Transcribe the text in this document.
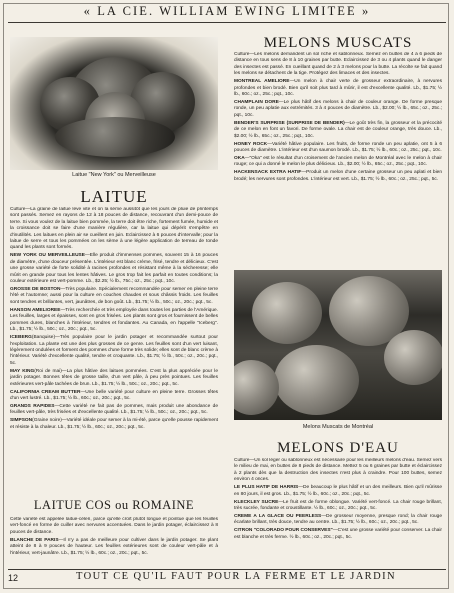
« LA CIE. WILLIAM EWING LIMITEE »
Laitue "New York" ou Merveilleuse
LAITUE

Culture—La graine de laitue lève vite et on la sème aussitôt que les jours de pluie de printemps sont passés. Semez en rayons de 12 à 18 pouces de distance, recouvrant d'un demi-pouce de terre. Si vous voulez de la laitue bien pommée, la terre doit être riche, fortement fumée, humide et la croissance doit se faire d'une manière régulière, car la laitue qui dépérit s'empêtre en d'inutilités. Les laitues en plein air se cueillent en juin. Eclaircissez à 6 pouces d'intervalle; pour la laitue de serre et tous les pommées on les sème à une légère application de terreau de tonde quand les plants sont formés.

NEW YORK OU MERVEILLEUSE—Elle produit d'immenses pommes, souvent 15 à 16 pouces de diamètre, d'une douceur présentée. L'intérieur est blanc crème, frisé, tendre et délicieux. C'est une grosse variété de forte solidité à racines profondes et résistant même à la sécheresse; elle mûrit en grande pour tous les lentes hâtives. Le gros trop fait les parfait en toutes conditions; la couleur extérieure est vert-pomme. Lb., $2.25; ½ lb., 75c.; oz., 25c.; pqt., 10c.

GROSSE DE BOSTON—Très populaire. Spécialement recommandée pour semer en pleine terre l'été et l'automne; aussi pour la culture en couches chaudes et sous châssis froids. Les feuilles sont tendres et brillantes, vert, jaunâtres, de bon goût. Lb., $1.75; ½ lb., 50c.; oz., 20c.; pqt., 5c.

HANSON AMELIOREE—Très recherchée et très employée dans toutes les parties de l'Amérique. Les feuilles, larges et épaisses, sont en gros frisées. Les plants sont gros et fournissent de belles pommes dures, blanches à l'intérieur, tendres et fondantes. Au Canada, en l'appelle "Iceberg". Lb., $1.75; ½ lb., 50c.; oz., 20c.; pqt., 5c.

ICEBERG(Banquise)—Très populaire pour le jardin potager et recommandée surtout pour l'exploitation. La plante est une des plus grosses de ce genre. Les feuilles sont d'un vert luisant, légèrement ondulées et forment des pommes d'une forme très solide; elles sont de blanc crème à l'intérieur. Variété d'excellente qualité, tendre et croquante. Lb., $1.75; ½ lb., 50c.; oz., 20c.; pqt., 5c.

MAY KING(Roi de mai)—La plus hâtive des laitues pommées. C'est la plus appréciée pour le jardin potager. Bonnes têtes de grosse taille, d'un vert pâle, à peu près pointues. Les feuilles extérieures vert-pâle tachées de brun. Lb., $1.75; ½ lb., 50c.; oz., 20c.; pqt., 5c.

CALIFORNIA CREAM BUTTER—Une belle variété pour culture en pleine terre. Grosses têtes d'un vert lustré. Lb., $1.75; ½ lb., 60c.; oz., 20c.; pqt., 5c.

GRANDS RAPIDES—Cette variété ne fait pas de pommes, mais produit une abondance de feuilles vert-pâle, très frisées et d'excellente qualité. Lb., $1.75; ½ lb., 50c.; oz., 20c.; pqt., 5c.

SIMPSON(Graine noire)—Variété idéale pour semer à la mi-été, parce qu'elle pousse rapidement et résiste à la chaleur. Lb., $1.75; ½ lb., 60c.; oz., 20c.; pqt., 5c.

LAITUE COS ou ROMAINE

Cette variété est appelée laitue-céleri, parce qu'elle croît plutôt longue et pointue que les feuilles vert-foncé en forme de cuiller avec nervures accentuées. Dans le jardin potager, éclaircissez à 8 pouces de distance.

BLANCHE DE PARIS—Il n'y a pas de meilleure pour cultiver dans le jardin potager. Se plant atteint de 8 à 9 pouces de hauteur. Les feuilles extérieures sont de couleur vert-pâle et à l'intérieur, vert-jaunâtre. Lb., $1.75; ½ lb., 60c.; oz., 20c.; pqt., 5c.

MELONS MUSCATS

Culture—Les melons demandent un sol riche et sablonneux. Semez en buttes de 4 à 6 pieds de distance en tous sens de 8 à 10 graines par butte. Eclaircissez de 3 ou 4 plants quand le danger des insectes est passé. En cueillant quand de 2 à 3 melons pour la butte. La récolte se fait quand les melons se détachent de la tige. Protégez des limaces et des insectes.

MONTREAL AMELIORE—Un melon à chair verte de grosseur extraordinaire, à nervures profondes et bien brodé. Bien qu'il soit plus tard à mûrir, il est d'excellente qualité. Lb., $1.75; ½ lb., 60c.; oz., 25c.; pqt., 10c.

CHAMPLAIN DORE—Le plus hâtif des melons à chair de couleur orange. De forme presque ronde, un peu aplatie aux extrémités. 3 à 4 pouces de diamètre. Lb., $2.00; ½ lb., 65c.; oz., 25c.; pqt., 10c.

BENDER'S SURPRISE (SURPRISE DE BENDER)—Le goût très fin, la grosseur et la précocité de ce melon en font un favori. De forme ovale. La chair est de couleur orange, très douce. Lb., $2.00; ½ lb., 65c.; oz., 25c.; pqt., 10c.

HONEY ROCK—Variété hâtive populaire. Les fruits, de forme ronde un peu aplatie, ont 5 à 6 pouces de diamètre. L'intérieur est d'un saumon brodé. Lb., $1.75; ½ lb., 60c.; oz., 25c.; pqt., 10c.

OKA—"Oka" est le résultat d'un croisement de l'ancien melon de Montréal avec le melon à chair rouge; ce qui a donné le melon le plus délicieux. Lb., $2.00; ½ lb., 65c.; oz., 25c.; pqt., 10c.

HACKENSACK EXTRA HATIF—Produit un melon d'une certaine grosseur un peu aplati et bien brodé; les nervures sont profondes. L'intérieur est vert. Lb., $1.75; ½ lb., 60c.; oz., 25c.; pqt., 5c.

Melons Muscats de Montréal
MELONS D'EAU

Culture—Un sol léger ou sablonneux est nécessaire pour les meilleurs melons d'eau. Semez vers le milieu de mai, en buttes de 8 pieds de distance. Mettez 5 ou 6 graines par butte et éclaircissez à 2 plants dès que la destruction des insectes n'est plus à craindre. Pour 100 buttes, semez environ 4 onces.

LE PLUS HATIF DE HARRIS—De beaucoup le plus hâtif et un des meilleurs. Bien qu'il mûrisse en 80 jours, il est gros. Lb., $1.75; ½ lb., 60c.; oz., 20c.; pqt., 5c.

KLECKLEY SUCRE—Le fruit est de forme oblongue. Variété vert-foncé. La chair rouge brillant, très sucrée, fondante et croustillante. ½ lb., 60c.; oz., 20c.; pqt., 5c.

CREME A LA GLACE OU PEERLESS—De grosseur moyenne, presque rond; la chair rouge écarlate brillant, très douce, tendre au centre. Lb., $1.75; ½ lb., 60c.; oz., 20c.; pqt., 5c.

CITRON "COLORADO POUR CONSERVES"—C'est une grosse variété pour conserver. La chair est blanche et très ferme. ½ lb., 60c.; oz., 20c.; pqt., 5c.

12	TOUT CE QU'IL FAUT POUR LA FERME ET LE JARDIN
